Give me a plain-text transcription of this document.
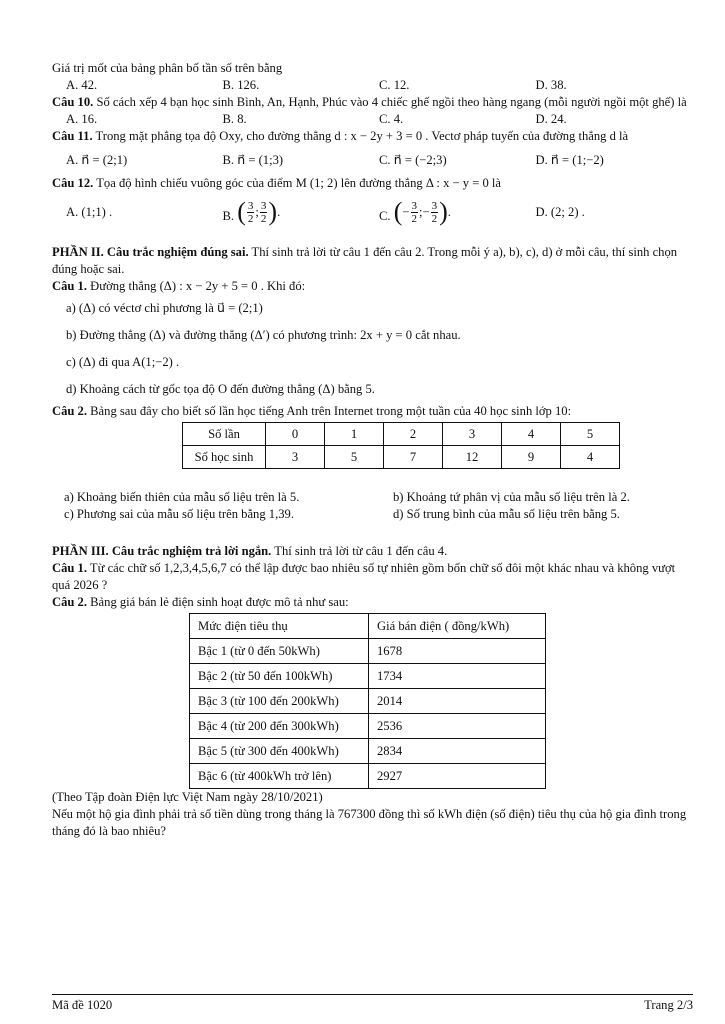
Giá trị mốt của bảng phân bố tần số trên bằng
A. 42.	B. 126.	C. 12.	D. 38.
Câu 10. Số cách xếp 4 bạn học sinh Bình, An, Hạnh, Phúc vào 4 chiếc ghế ngồi theo hàng ngang (mỗi người ngồi một ghế) là
A. 16.	B. 8.	C. 4.	D. 24.
Câu 11. Trong mặt phẳng tọa độ Oxy, cho đường thẳng d : x − 2y + 3 = 0 . Vectơ pháp tuyến của đường thẳng d là
A. n⃗ = (2;1)	B. n⃗ = (1;3)	C. n⃗ = (−2;3)	D. n⃗ = (1;−2)
Câu 12. Tọa độ hình chiếu vuông góc của điểm M (1; 2) lên đường thẳng Δ : x − y = 0 là
A. (1;1) .	B. ( 3
2 ; 3
2 ) .	C. ( − 3
2 ;− 3
2 ) .	D. (2; 2) .
PHẦN II. Câu trắc nghiệm đúng sai. Thí sinh trả lời từ câu 1 đến câu 2. Trong mỗi ý a), b), c), d) ở mỗi câu, thí sinh chọn đúng hoặc sai.
Câu 1. Đường thẳng (Δ) : x − 2y + 5 = 0 . Khi đó:
a) (Δ) có véctơ chỉ phương là u⃗ = (2;1)
b) Đường thẳng (Δ) và đường thẳng (Δ′) có phương trình: 2x + y = 0 cắt nhau.
c) (Δ) đi qua A(1;−2) .
d) Khoảng cách từ gốc tọa độ O đến đường thẳng (Δ) bằng 5.
Câu 2. Bảng sau đây cho biết số lần học tiếng Anh trên Internet trong một tuần của 40 học sinh lớp 10:
Số lần	0	1	2	3	4	5
Số học sinh	3	5	7	12	9	4
a) Khoảng biến thiên của mẫu số liệu trên là 5.	b) Khoảng tứ phân vị của mẫu số liệu trên là 2.
c) Phương sai của mẫu số liệu trên bằng 1,39.	d) Số trung bình của mẫu số liệu trên bằng 5.
PHẦN III. Câu trắc nghiệm trả lời ngắn. Thí sinh trả lời từ câu 1 đến câu 4.
Câu 1. Từ các chữ số 1,2,3,4,5,6,7 có thể lập được bao nhiêu số tự nhiên gồm bốn chữ số đôi một khác nhau và không vượt quá 2026 ?
Câu 2. Bảng giá bán lẻ điện sinh hoạt được mô tả như sau:
Mức điện tiêu thụ	Giá bán điện ( đồng/kWh)
Bậc 1 (từ 0 đến 50kWh)	1678
Bậc 2 (từ 50 đến 100kWh)	1734
Bậc 3 (từ 100 đến 200kWh)	2014
Bậc 4 (từ 200 đến 300kWh)	2536
Bậc 5 (từ 300 đến 400kWh)	2834
Bậc 6 (từ 400kWh trở lên)	2927
(Theo Tập đoàn Điện lực Việt Nam ngày 28/10/2021)
Nếu một hộ gia đình phải trả số tiền dùng trong tháng là 767300 đồng thì số kWh điện (số điện) tiêu thụ của hộ gia đình trong tháng đó là bao nhiêu?
Mã đề 1020	Trang 2/3
